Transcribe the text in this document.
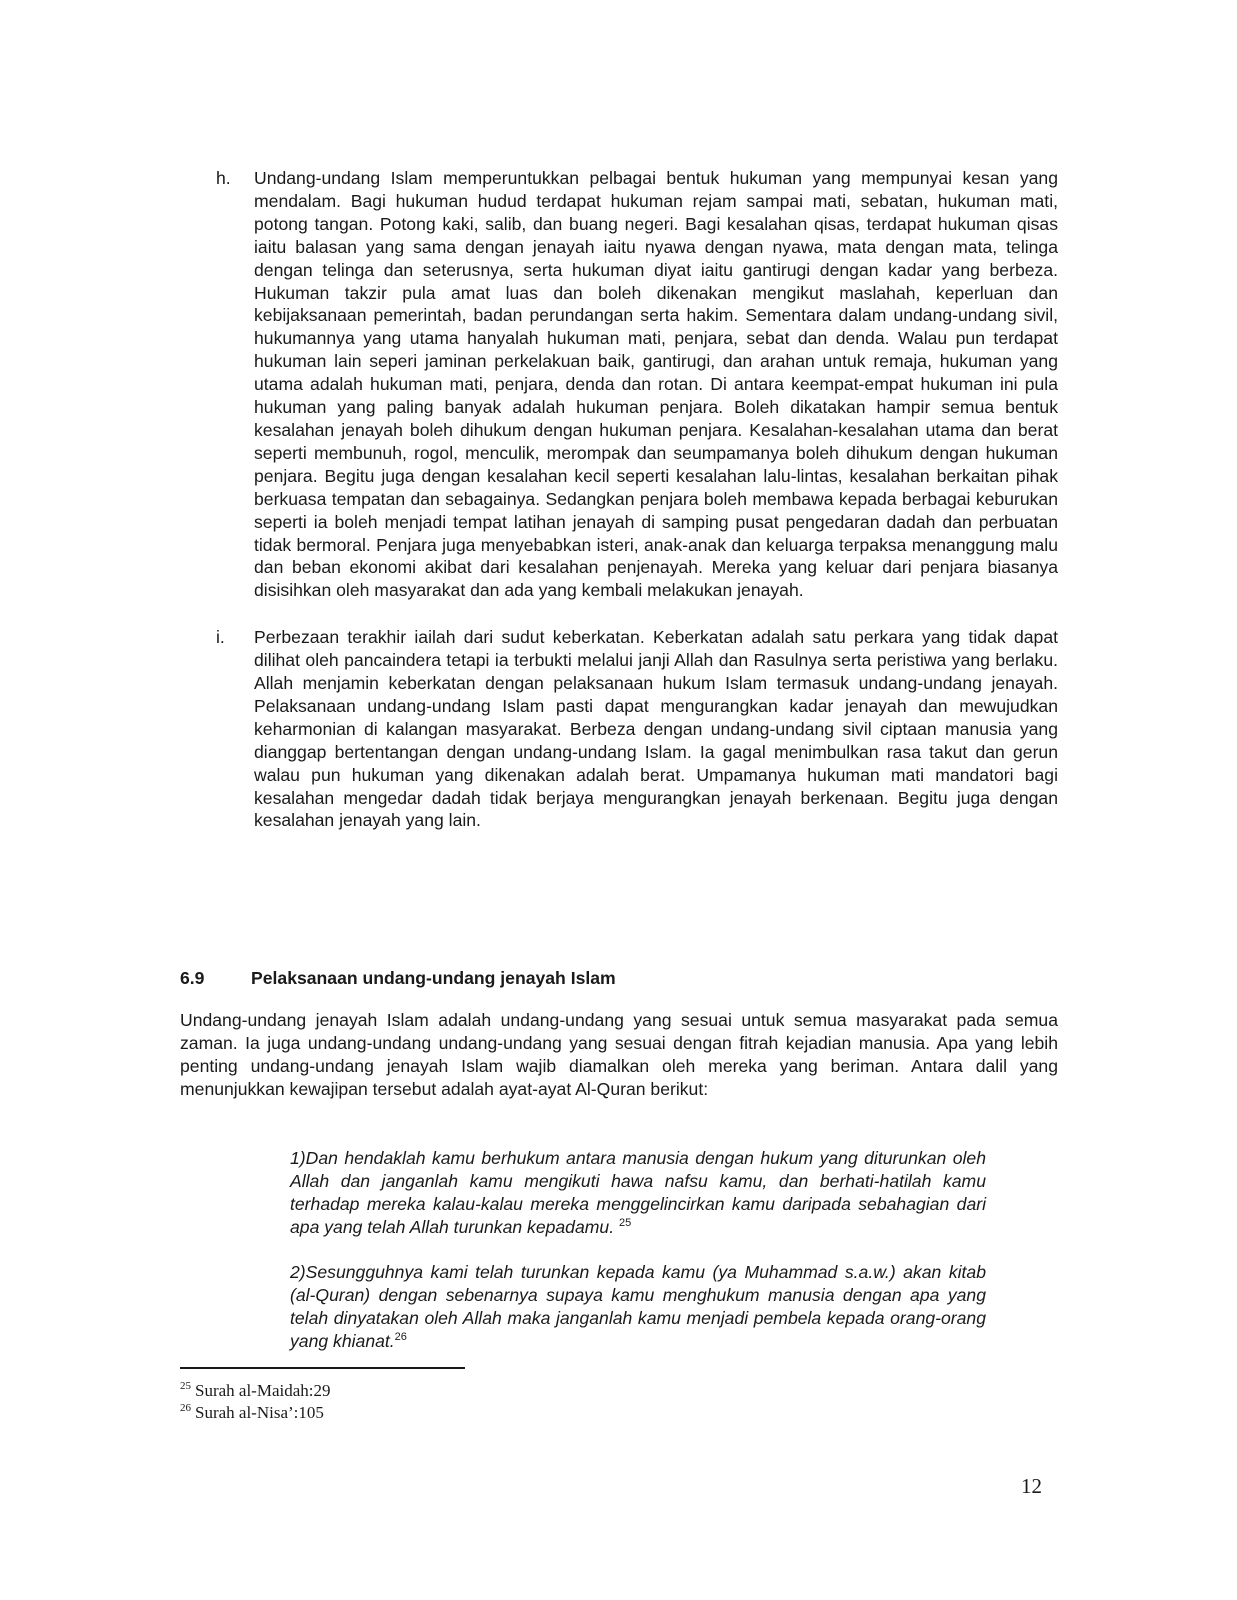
h.	Undang-undang Islam memperuntukkan pelbagai bentuk hukuman yang mempunyai kesan yang mendalam. Bagi hukuman hudud terdapat hukuman rejam sampai mati, sebatan, hukuman mati, potong tangan. Potong kaki, salib, dan buang negeri. Bagi kesalahan qisas, terdapat hukuman qisas iaitu balasan yang sama dengan jenayah iaitu nyawa dengan nyawa, mata dengan mata, telinga dengan telinga dan seterusnya, serta hukuman diyat iaitu gantirugi dengan kadar yang berbeza. Hukuman takzir pula amat luas dan boleh dikenakan mengikut maslahah, keperluan dan kebijaksanaan pemerintah, badan perundangan serta hakim. Sementara dalam undang-undang sivil, hukumannya yang utama hanyalah hukuman mati, penjara, sebat dan denda. Walau pun terdapat hukuman lain seperi jaminan perkelakuan baik, gantirugi, dan arahan untuk remaja, hukuman yang utama adalah hukuman mati, penjara, denda dan rotan. Di antara keempat-empat hukuman ini pula hukuman yang paling banyak adalah hukuman penjara. Boleh dikatakan hampir semua bentuk kesalahan jenayah boleh dihukum dengan hukuman penjara. Kesalahan-kesalahan utama dan berat seperti membunuh, rogol, menculik, merompak dan seumpamanya boleh dihukum dengan hukuman penjara. Begitu juga dengan kesalahan kecil seperti kesalahan lalu-lintas, kesalahan berkaitan pihak berkuasa tempatan dan sebagainya. Sedangkan penjara boleh membawa kepada berbagai keburukan seperti ia boleh menjadi tempat latihan jenayah di samping pusat pengedaran dadah dan perbuatan tidak bermoral. Penjara juga menyebabkan isteri, anak-anak dan keluarga terpaksa menanggung malu dan beban ekonomi akibat dari kesalahan penjenayah. Mereka yang keluar dari penjara biasanya disisihkan oleh masyarakat dan ada yang kembali melakukan jenayah.

i.	Perbezaan terakhir iailah dari sudut keberkatan. Keberkatan adalah satu perkara yang tidak dapat dilihat oleh pancaindera tetapi ia terbukti melalui janji Allah dan Rasulnya serta peristiwa yang berlaku. Allah menjamin keberkatan dengan pelaksanaan hukum Islam termasuk undang-undang jenayah. Pelaksanaan undang-undang Islam pasti dapat mengurangkan kadar jenayah dan mewujudkan keharmonian di kalangan masyarakat. Berbeza dengan undang-undang sivil ciptaan manusia yang dianggap bertentangan dengan undang-undang Islam. Ia gagal menimbulkan rasa takut dan gerun walau pun hukuman yang dikenakan adalah berat. Umpamanya hukuman mati mandatori bagi kesalahan mengedar dadah tidak berjaya mengurangkan jenayah berkenaan. Begitu juga dengan kesalahan jenayah yang lain.

6.9	Pelaksanaan undang-undang jenayah Islam

Undang-undang jenayah Islam adalah undang-undang yang sesuai untuk semua masyarakat pada semua zaman. Ia juga undang-undang undang-undang yang sesuai dengan fitrah kejadian manusia. Apa yang lebih penting undang-undang jenayah Islam wajib diamalkan oleh mereka yang beriman. Antara dalil yang menunjukkan kewajipan tersebut adalah ayat-ayat Al-Quran berikut:

1)Dan hendaklah kamu berhukum antara manusia dengan hukum yang diturunkan oleh Allah dan janganlah kamu mengikuti hawa nafsu kamu, dan berhati-hatilah kamu terhadap mereka kalau-kalau mereka menggelincirkan kamu daripada sebahagian dari apa yang telah Allah turunkan kepadamu. $^{25}$

2)Sesungguhnya kami telah turunkan kepada kamu (ya Muhammad s.a.w.) akan kitab (al-Quran) dengan sebenarnya supaya kamu menghukum manusia dengan apa yang telah dinyatakan oleh Allah maka janganlah kamu menjadi pembela kepada orang-orang yang khianat.$^{26}$

$^{25}$ Surah al-Maidah:29
$^{26}$ Surah al-Nisa’:105
12
